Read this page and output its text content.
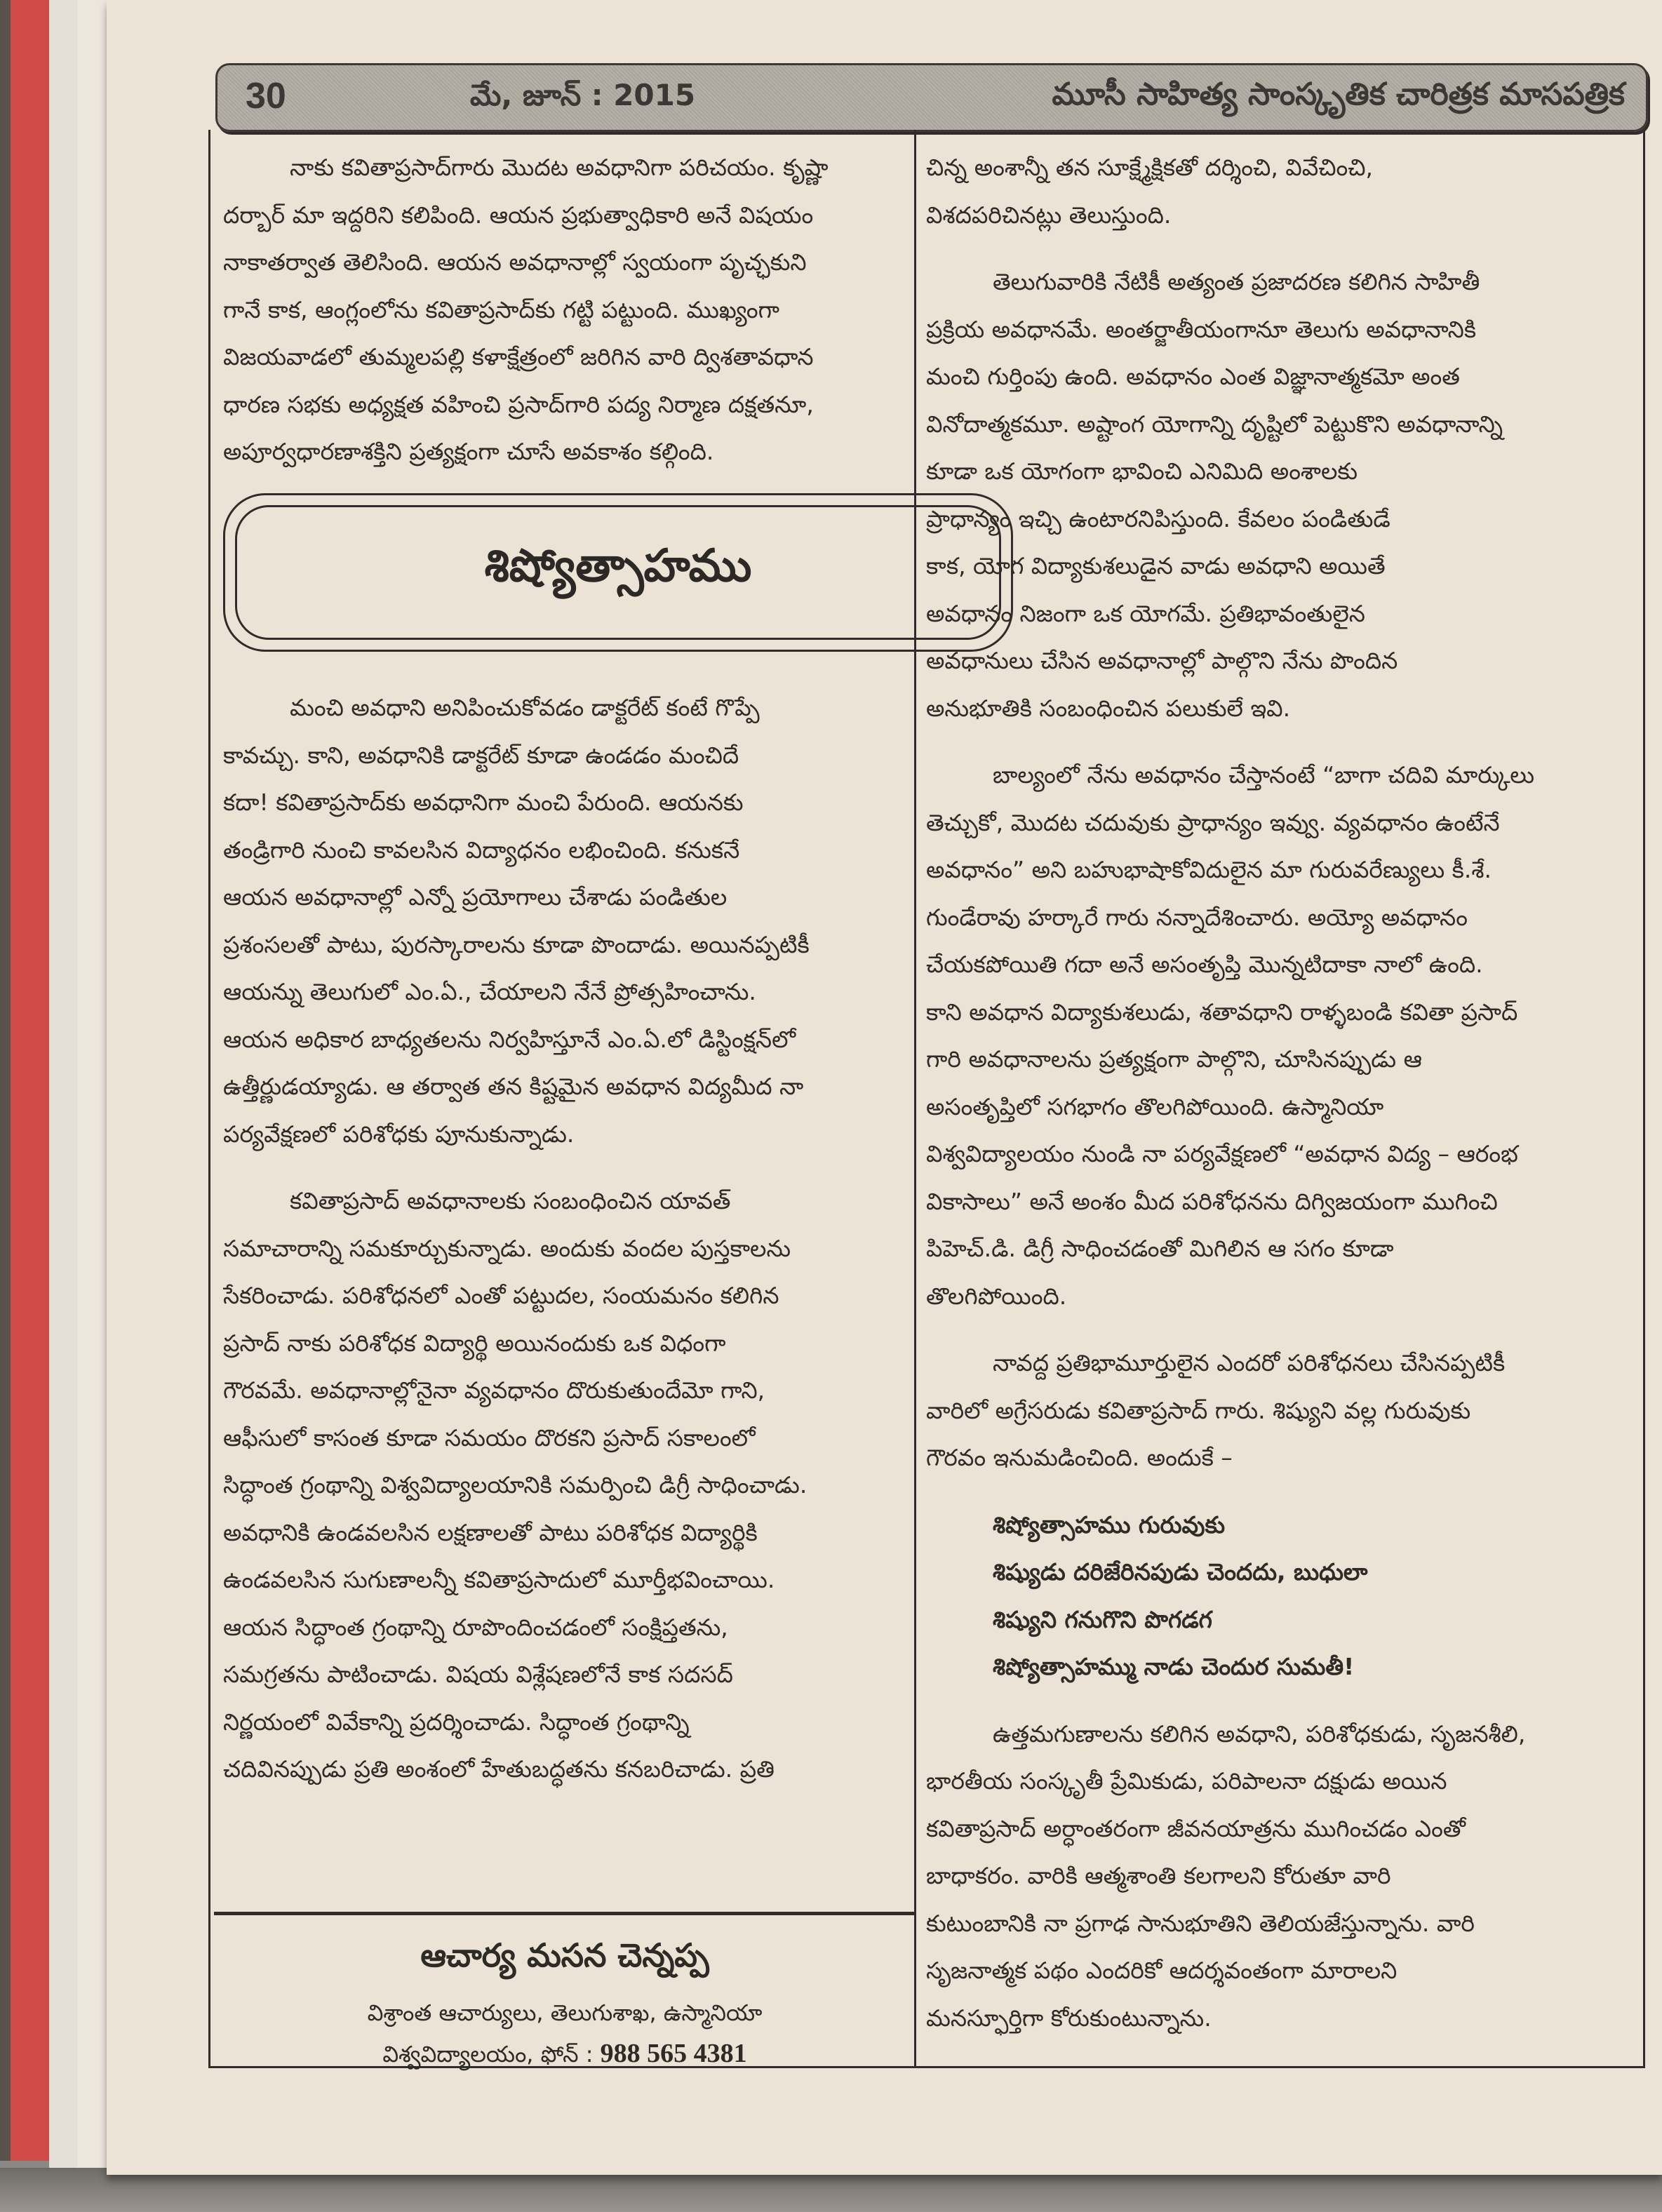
30	మే, జూన్ : 2015	మూసీ సాహిత్య సాంస్కృతిక చారిత్రక మాసపత్రిక
నాకు కవితాప్రసాద్‌గారు మొదట అవధానిగా పరిచయం. కృష్ణా
దర్బార్ మా ఇద్దరిని కలిపింది. ఆయన ప్రభుత్వాధికారి అనే విషయం
నాకాతర్వాత తెలిసింది. ఆయన అవధానాల్లో స్వయంగా పృచ్ఛకుని
గానే కాక, ఆంగ్లంలోను కవితాప్రసాద్‌కు గట్టి పట్టుంది. ముఖ్యంగా
విజయవాడలో తుమ్మలపల్లి కళాక్షేత్రంలో జరిగిన వారి ద్విశతావధాన
ధారణ సభకు అధ్యక్షత వహించి ప్రసాద్‌గారి పద్య నిర్మాణ దక్షతనూ,
అపూర్వధారణాశక్తిని ప్రత్యక్షంగా చూసే అవకాశం కల్గింది.
శిష్యోత్సాహము
మంచి అవధాని అనిపించుకోవడం డాక్టరేట్ కంటే గొప్పే
కావచ్చు. కాని, అవధానికి డాక్టరేట్ కూడా ఉండడం మంచిదే
కదా! కవితాప్రసాద్‌కు అవధానిగా మంచి పేరుంది. ఆయనకు
తండ్రిగారి నుంచి కావలసిన విద్యాధనం లభించింది. కనుకనే
ఆయన అవధానాల్లో ఎన్నో ప్రయోగాలు చేశాడు పండితుల
ప్రశంసలతో పాటు, పురస్కారాలను కూడా పొందాడు. అయినప్పటికీ
ఆయన్ను తెలుగులో ఎం.ఏ., చేయాలని నేనే ప్రోత్సహించాను.
ఆయన అధికార బాధ్యతలను నిర్వహిస్తూనే ఎం.ఏ.లో డిస్టింక్షన్‌లో
ఉత్తీర్ణుడయ్యాడు. ఆ తర్వాత తన కిష్టమైన అవధాన విద్యమీద నా
పర్యవేక్షణలో పరిశోధకు పూనుకున్నాడు.
కవితాప్రసాద్ అవధానాలకు సంబంధించిన యావత్
సమాచారాన్ని సమకూర్చుకున్నాడు. అందుకు వందల పుస్తకాలను
సేకరించాడు. పరిశోధనలో ఎంతో పట్టుదల, సంయమనం కలిగిన
ప్రసాద్ నాకు పరిశోధక విద్యార్థి అయినందుకు ఒక విధంగా
గౌరవమే. అవధానాల్లోనైనా వ్యవధానం దొరుకుతుందేమో గాని,
ఆఫీసులో కాసంత కూడా సమయం దొరకని ప్రసాద్ సకాలంలో
సిద్ధాంత గ్రంథాన్ని విశ్వవిద్యాలయానికి సమర్పించి డిగ్రీ సాధించాడు.
అవధానికి ఉండవలసిన లక్షణాలతో పాటు పరిశోధక విద్యార్థికి
ఉండవలసిన సుగుణాలన్నీ కవితాప్రసాదులో మూర్తీభవించాయి.
ఆయన సిద్ధాంత గ్రంథాన్ని రూపొందించడంలో సంక్షిప్తతను,
సమగ్రతను పాటించాడు. విషయ విశ్లేషణలోనే కాక సదసద్
నిర్ణయంలో వివేకాన్ని ప్రదర్శించాడు. సిద్ధాంత గ్రంథాన్ని
చదివినప్పుడు ప్రతి అంశంలో హేతుబద్ధతను కనబరిచాడు. ప్రతి
ఆచార్య మసన చెన్నప్ప
విశ్రాంత ఆచార్యులు, తెలుగుశాఖ, ఉస్మానియా
విశ్వవిద్యాలయం, ఫోన్ : 988 565 4381
చిన్న అంశాన్నీ తన సూక్ష్మేక్షికతో దర్శించి, వివేచించి,
విశదపరిచినట్లు తెలుస్తుంది.
తెలుగువారికి నేటికీ అత్యంత ప్రజాదరణ కలిగిన సాహితీ
ప్రక్రియ అవధానమే. అంతర్జాతీయంగానూ తెలుగు అవధానానికి
మంచి గుర్తింపు ఉంది. అవధానం ఎంత విజ్ఞానాత్మకమో అంత
వినోదాత్మకమూ. అష్టాంగ యోగాన్ని దృష్టిలో పెట్టుకొని అవధానాన్ని
కూడా ఒక యోగంగా భావించి ఎనిమిది అంశాలకు
ప్రాధాన్యం ఇచ్చి ఉంటారనిపిస్తుంది. కేవలం పండితుడే
కాక, యోగ విద్యాకుశలుడైన వాడు అవధాని అయితే
అవధానం నిజంగా ఒక యోగమే. ప్రతిభావంతులైన
అవధానులు చేసిన అవధానాల్లో పాల్గొని నేను పొందిన
అనుభూతికి సంబంధించిన పలుకులే ఇవి.
బాల్యంలో నేను అవధానం చేస్తానంటే “బాగా చదివి మార్కులు
తెచ్చుకో, మొదట చదువుకు ప్రాధాన్యం ఇవ్వు. వ్యవధానం ఉంటేనే
అవధానం” అని బహుభాషాకోవిదులైన మా గురువరేణ్యులు కీ.శే.
గుండేరావు హర్కారే గారు నన్నాదేశించారు. అయ్యో అవధానం
చేయకపోయితి గదా అనే అసంతృప్తి మొన్నటిదాకా నాలో ఉంది.
కాని అవధాన విద్యాకుశలుడు, శతావధాని రాళ్ళబండి కవితా ప్రసాద్
గారి అవధానాలను ప్రత్యక్షంగా పాల్గొని, చూసినప్పుడు ఆ
అసంతృప్తిలో సగభాగం తొలగిపోయింది. ఉస్మానియా
విశ్వవిద్యాలయం నుండి నా పర్యవేక్షణలో “అవధాన విద్య – ఆరంభ
వికాసాలు” అనే అంశం మీద పరిశోధనను దిగ్విజయంగా ముగించి
పిహెచ్.డి. డిగ్రీ సాధించడంతో మిగిలిన ఆ సగం కూడా
తొలగిపోయింది.
నావద్ద ప్రతిభామూర్తులైన ఎందరో పరిశోధనలు చేసినప్పటికీ
వారిలో అగ్రేసరుడు కవితాప్రసాద్ గారు. శిష్యుని వల్ల గురువుకు
గౌరవం ఇనుమడించింది. అందుకే –
శిష్యోత్సాహము గురువుకు
శిష్యుడు దరిజేరినపుడు చెందదు, బుధులా
శిష్యుని గనుగొని పొగడగ
శిష్యోత్సాహమ్ము నాడు చెందుర సుమతీ!
ఉత్తమగుణాలను కలిగిన అవధాని, పరిశోధకుడు, సృజనశీలి,
భారతీయ సంస్కృతీ ప్రేమికుడు, పరిపాలనా దక్షుడు అయిన
కవితాప్రసాద్ అర్ధాంతరంగా జీవనయాత్రను ముగించడం ఎంతో
బాధాకరం. వారికి ఆత్మశాంతి కలగాలని కోరుతూ వారి
కుటుంబానికి నా ప్రగాఢ సానుభూతిని తెలియజేస్తున్నాను. వారి
సృజనాత్మక పథం ఎందరికో ఆదర్శవంతంగా మారాలని
మనస్ఫూర్తిగా కోరుకుంటున్నాను.
